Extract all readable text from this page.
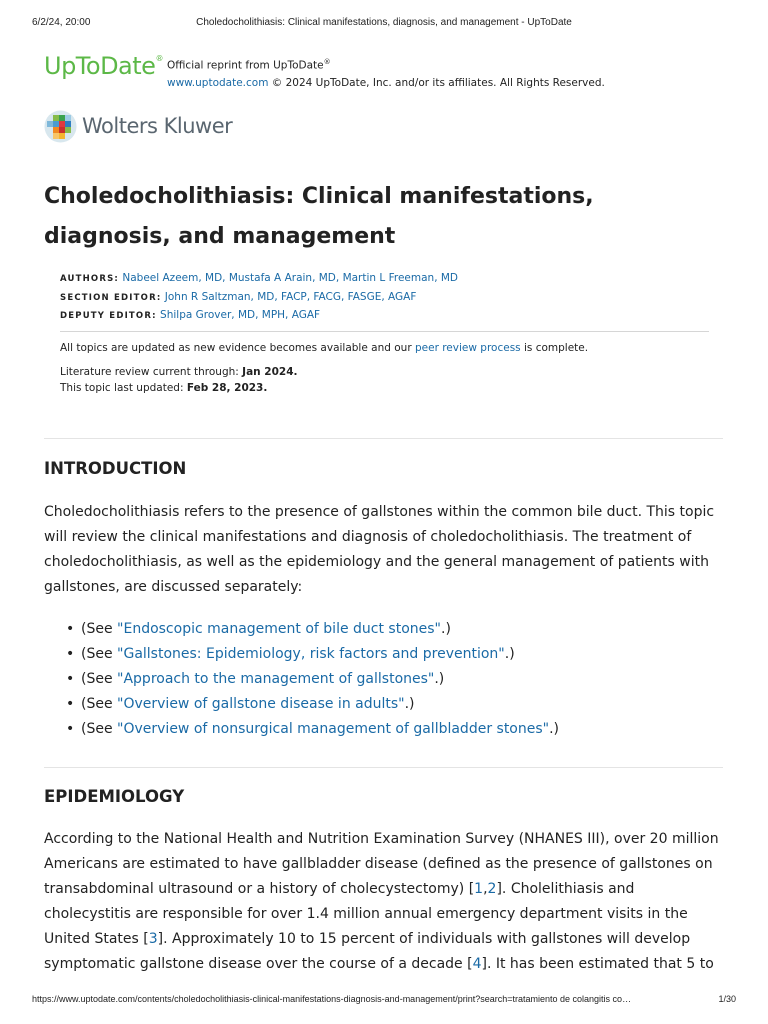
6/2/24, 20:00	Choledocholithiasis: Clinical manifestations, diagnosis, and management - UpToDate
UpToDate®
Official reprint from UpToDate®
www.uptodate.com © 2024 UpToDate, Inc. and/or its affiliates. All Rights Reserved.
Wolters Kluwer
Choledocholithiasis: Clinical manifestations, diagnosis, and management
AUTHORS: Nabeel Azeem, MD, Mustafa A Arain, MD, Martin L Freeman, MD
SECTION EDITOR: John R Saltzman, MD, FACP, FACG, FASGE, AGAF
DEPUTY EDITOR: Shilpa Grover, MD, MPH, AGAF

All topics are updated as new evidence becomes available and our peer review process is complete.

Literature review current through: Jan 2024.

This topic last updated: Feb 28, 2023.

INTRODUCTION

Choledocholithiasis refers to the presence of gallstones within the common bile duct. This topic will review the clinical manifestations and diagnosis of choledocholithiasis. The treatment of choledocholithiasis, as well as the epidemiology and the general management of patients with gallstones, are discussed separately:

• (See "Endoscopic management of bile duct stones".)
• (See "Gallstones: Epidemiology, risk factors and prevention".)
• (See "Approach to the management of gallstones".)
• (See "Overview of gallstone disease in adults".)
• (See "Overview of nonsurgical management of gallbladder stones".)
EPIDEMIOLOGY

According to the National Health and Nutrition Examination Survey (NHANES III), over 20 million Americans are estimated to have gallbladder disease (defined as the presence of gallstones on transabdominal ultrasound or a history of cholecystectomy) [1,2]. Cholelithiasis and cholecystitis are responsible for over 1.4 million annual emergency department visits in the United States [3]. Approximately 10 to 15 percent of individuals with gallstones will develop symptomatic gallstone disease over the course of a decade [4]. It has been estimated that 5 to

https://www.uptodate.com/contents/choledocholithiasis-clinical-manifestations-diagnosis-and-management/print?search=tratamiento de colangitis co…	1/30
